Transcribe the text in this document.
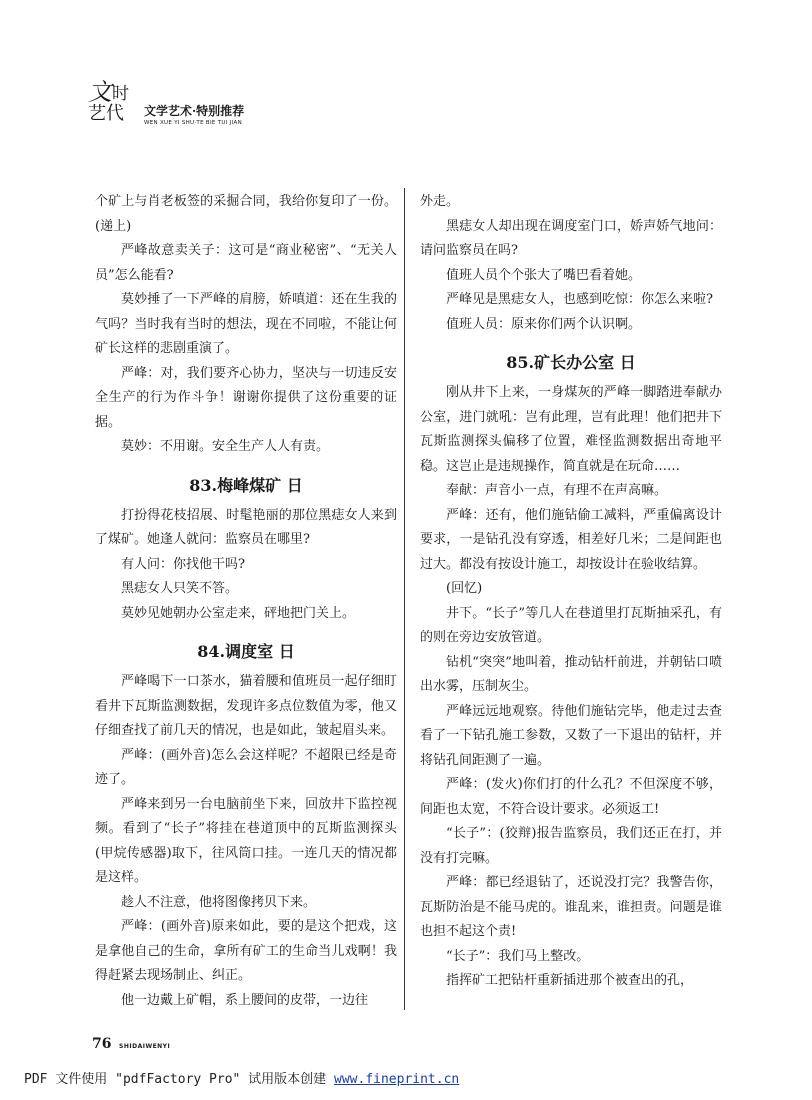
文 时
艺代 文学艺术·特别推荐
WEN XUE YI SHU·TE BIE TUI JIAN

个矿上与肖老板签的采掘合同，我给你复印了一份。(递上)

严峰故意卖关子：这可是“商业秘密”、“无关人员”怎么能看?

莫妙捶了一下严峰的肩膀，娇嗔道：还在生我的气吗？当时我有当时的想法，现在不同啦，不能让何矿长这样的悲剧重演了。

严峰：对，我们要齐心协力，坚决与一切违反安全生产的行为作斗争！谢谢你提供了这份重要的证据。

莫妙：不用谢。安全生产人人有责。

83.梅峰煤矿 日

打扮得花枝招展、时髦艳丽的那位黑痣女人来到了煤矿。她逢人就问：监察员在哪里?

有人问：你找他干吗?

黑痣女人只笑不答。

莫妙见她朝办公室走来，砰地把门关上。

84.调度室 日

严峰喝下一口茶水，猫着腰和值班员一起仔细盯看井下瓦斯监测数据，发现许多点位数值为零，他又仔细查找了前几天的情况，也是如此，皱起眉头来。

严峰：(画外音)怎么会这样呢？不超限已经是奇迹了。

严峰来到另一台电脑前坐下来，回放井下监控视频。看到了“长子”将挂在巷道顶中的瓦斯监测探头(甲烷传感器)取下，往风筒口挂。一连几天的情况都是这样。

趁人不注意，他将图像拷贝下来。

严峰：(画外音)原来如此，要的是这个把戏，这是拿他自己的生命，拿所有矿工的生命当儿戏啊！我得赶紧去现场制止、纠正。

他一边戴上矿帽，系上腰间的皮带，一边往

外走。

黑痣女人却出现在调度室门口，娇声娇气地问：请问监察员在吗?

值班人员个个张大了嘴巴看着她。

严峰见是黑痣女人，也感到吃惊：你怎么来啦?

值班人员：原来你们两个认识啊。

85.矿长办公室 日

刚从井下上来，一身煤灰的严峰一脚踏进奉献办公室，进门就吼：岂有此理，岂有此理！他们把井下瓦斯监测探头偏移了位置，难怪监测数据出奇地平稳。这岂止是违规操作，简直就是在玩命……

奉献：声音小一点，有理不在声高嘛。

严峰：还有，他们施钻偷工减料，严重偏离设计要求，一是钻孔没有穿透，相差好几米；二是间距也过大。都没有按设计施工，却按设计在验收结算。

(回忆)

井下。“长子”等几人在巷道里打瓦斯抽采孔，有的则在旁边安放管道。

钻机“突突”地叫着，推动钻杆前进，并朝钻口喷出水雾，压制灰尘。

严峰远远地观察。待他们施钻完毕，他走过去查看了一下钻孔施工参数，又数了一下退出的钻杆，并将钻孔间距测了一遍。

严峰：(发火)你们打的什么孔？不但深度不够，间距也太宽，不符合设计要求。必须返工!

“长子”：(狡辩)报告监察员，我们还正在打，并没有打完嘛。

严峰：都已经退钻了，还说没打完？我警告你，瓦斯防治是不能马虎的。谁乱来，谁担责。问题是谁也担不起这个责!

“长子”：我们马上整改。

指挥矿工把钻杆重新插进那个被查出的孔，

76 SHIDAIWENYI
PDF 文件使用 "pdfFactory Pro" 试用版本创建 www.fineprint.cn
